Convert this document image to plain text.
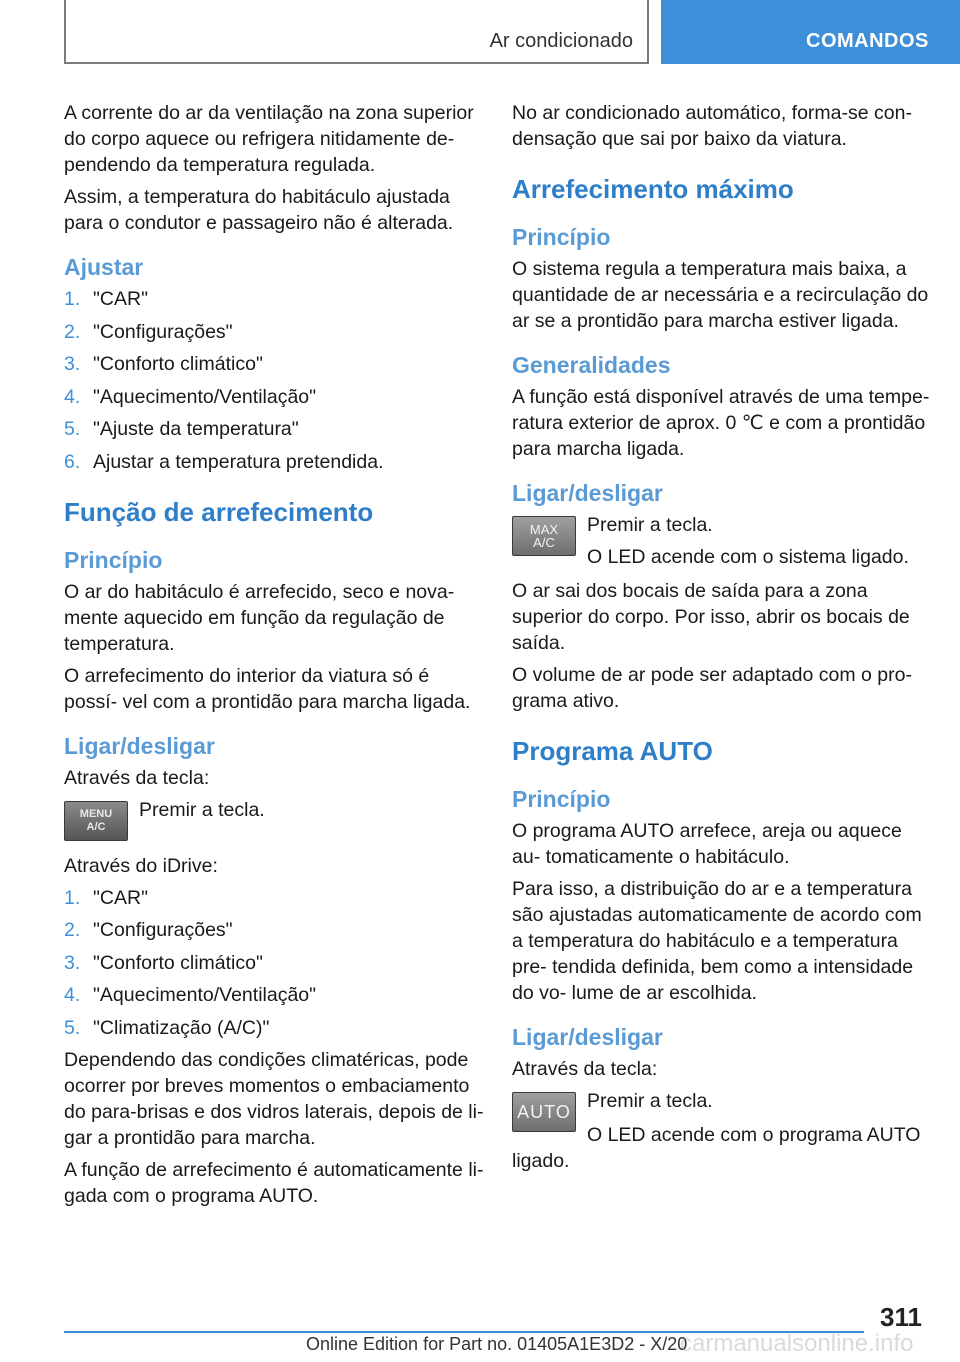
Ar condicionado	COMANDOS

A corrente do ar da ventilação na zona superior do corpo aquece ou refrigera nitidamente de‐ pendendo da temperatura regulada.

Assim, a temperatura do habitáculo ajustada para o condutor e passageiro não é alterada.

Ajustar
1. "CAR"
2. "Configurações"
3. "Conforto climático"
4. "Aquecimento/Ventilação"
5. "Ajuste da temperatura"
6. Ajustar a temperatura pretendida.
Função de arrefecimento
Princípio

O ar do habitáculo é arrefecido, seco e nova‐ mente aquecido em função da regulação de temperatura.

O arrefecimento do interior da viatura só é possí‐ vel com a prontidão para marcha ligada.

Ligar/desligar

Através da tecla:

MENU
A/C

Premir a tecla.

Através do iDrive:

1. "CAR"
2. "Configurações"
3. "Conforto climático"
4. "Aquecimento/Ventilação"
5. "Climatização (A/C)"

Dependendo das condições climatéricas, pode ocorrer por breves momentos o embaciamento do para-brisas e dos vidros laterais, depois de li‐ gar a prontidão para marcha.

A função de arrefecimento é automaticamente li‐ gada com o programa AUTO.

No ar condicionado automático, forma-se con‐ densação que sai por baixo da viatura.

Arrefecimento máximo
Princípio

O sistema regula a temperatura mais baixa, a quantidade de ar necessária e a recirculação do ar se a prontidão para marcha estiver ligada.

Generalidades

A função está disponível através de uma tempe‐ ratura exterior de aprox. 0 ℃ e com a prontidão para marcha ligada.

Ligar/desligar
MAX
A/C

Premir a tecla.

O LED acende com o sistema ligado.

O ar sai dos bocais de saída para a zona superior do corpo. Por isso, abrir os bocais de saída.

O volume de ar pode ser adaptado com o pro‐ grama ativo.

Programa AUTO
Princípio

O programa AUTO arrefece, areja ou aquece au‐ tomaticamente o habitáculo.

Para isso, a distribuição do ar e a temperatura são ajustadas automaticamente de acordo com a temperatura do habitáculo e a temperatura pre‐ tendida definida, bem como a intensidade do vo‐ lume de ar escolhida.

Ligar/desligar

Através da tecla:

AUTO Premir a tecla.

O LED acende com o programa AUTO ligado.

311
Online Edition for Part no. 01405A1E3D2 - X/20
carmanualsonline.info
